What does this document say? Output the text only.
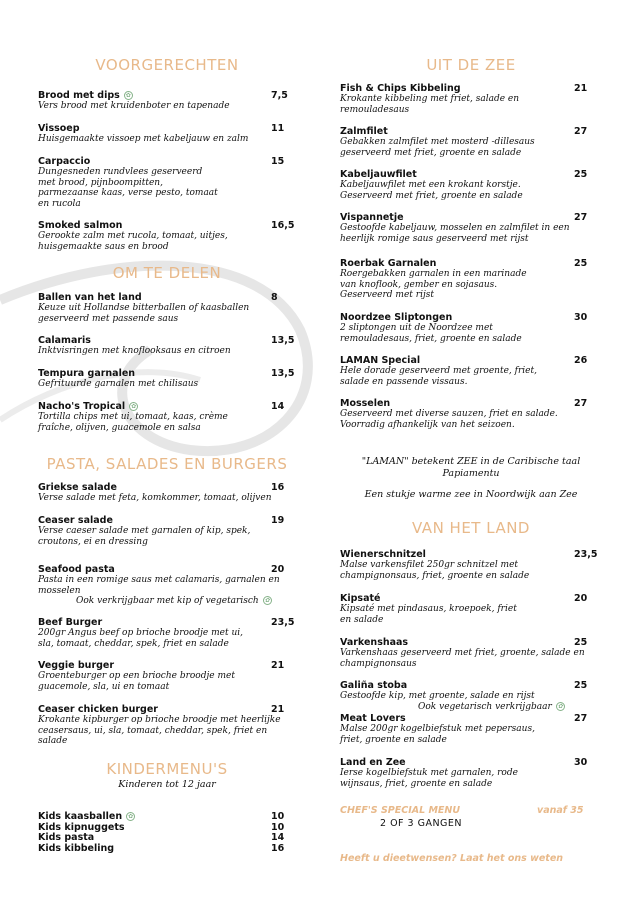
VOORGERECHTEN
Brood met dips ✿
Vers brood met kruidenboter en tapenade
7,5
Vissoep
Huisgemaakte vissoep met kabeljauw en zalm
11
Carpaccio
Dungesneden rundvlees geserveerd met brood, pijnboompitten, parmezaanse kaas, verse pesto, tomaat en rucola
15
Smoked salmon
Gerookte zalm met rucola, tomaat, uitjes, huisgemaakte saus en brood
16,5
OM TE DELEN
Ballen van het land
Keuze uit Hollandse bitterballen of kaasballen geserveerd met passende saus
8
Calamaris
Inktvisringen met knoflooksaus en citroen
13,5
Tempura garnalen
Gefrituurde garnalen met chilisaus
13,5
Nacho's Tropical ✿
Tortilla chips met ui, tomaat, kaas, crème fraîche, olijven, guacemole en salsa
14
PASTA, SALADES EN BURGERS
Griekse salade
Verse salade met feta, komkommer, tomaat, olijven
16
Ceaser salade
Verse caeser salade met garnalen of kip, spek, croutons, ei en dressing
19
Seafood pasta
Pasta in een romige saus met calamaris, garnalen en mosselen
Ook verkrijgbaar met kip of vegetarisch ✿
20
Beef Burger
200gr Angus beef op brioche broodje met ui, sla, tomaat, cheddar, spek, friet en salade
23,5
Veggie burger
Groenteburger op een brioche broodje met guacemole, sla, ui en tomaat
21
Ceaser chicken burger
Krokante kipburger op brioche broodje met heerlijke ceasersaus, ui, sla, tomaat, cheddar, spek, friet en salade
21
KINDERMENU'S
Kinderen tot 12 jaar
Kids kaasballen ✿	10
Kids kipnuggets	10
Kids pasta	14
Kids kibbeling	16
UIT DE ZEE
Fish & Chips Kibbeling
Krokante kibbeling met friet, salade en remouladesaus
21
Zalmfilet
Gebakken zalmfilet met mosterd -dillesaus geserveerd met friet, groente en salade
27
Kabeljauwfilet
Kabeljauwfilet met een krokant korstje. Geserveerd met friet, groente en salade
25
Vispannetje
Gestoofde kabeljauw, mosselen en zalmfilet in een heerlijk romige saus geserveerd met rijst
27
Roerbak Garnalen
Roergebakken garnalen in een marinade van knoflook, gember en sojasaus. Geserveerd met rijst
25
Noordzee Sliptongen
2 sliptongen uit de Noordzee met remouladesaus, friet, groente en salade
30
LAMAN Special
Hele dorade geserveerd met groente, friet, salade en passende vissaus.
26
Mosselen
Geserveerd met diverse sauzen, friet en salade. Voorradig afhankelijk van het seizoen.
27
"LAMAN" betekent ZEE in de Caribische taal Papiamentu
Een stukje warme zee in Noordwijk aan Zee
VAN HET LAND
Wienerschnitzel
Malse varkensfilet 250gr schnitzel met champignonsaus, friet, groente en salade
23,5
Kipsaté
Kipsaté met pindasaus, kroepoek, friet en salade
20
Varkenshaas
Varkenshaas geserveerd met friet, groente, salade en champignonsaus
25
Galiña stoba
Gestoofde kip, met groente, salade en rijst
Ook vegetarisch verkrijgbaar ✿
25
Meat Lovers
Malse 200gr kogelbiefstuk met pepersaus, friet, groente en salade
27
Land en Zee
Ierse kogelbiefstuk met garnalen, rode wijnsaus, friet, groente en salade
30
CHEF'S SPECIAL MENU	vanaf 35
2 OF 3 GANGEN
Heeft u dieetwensen? Laat het ons weten
